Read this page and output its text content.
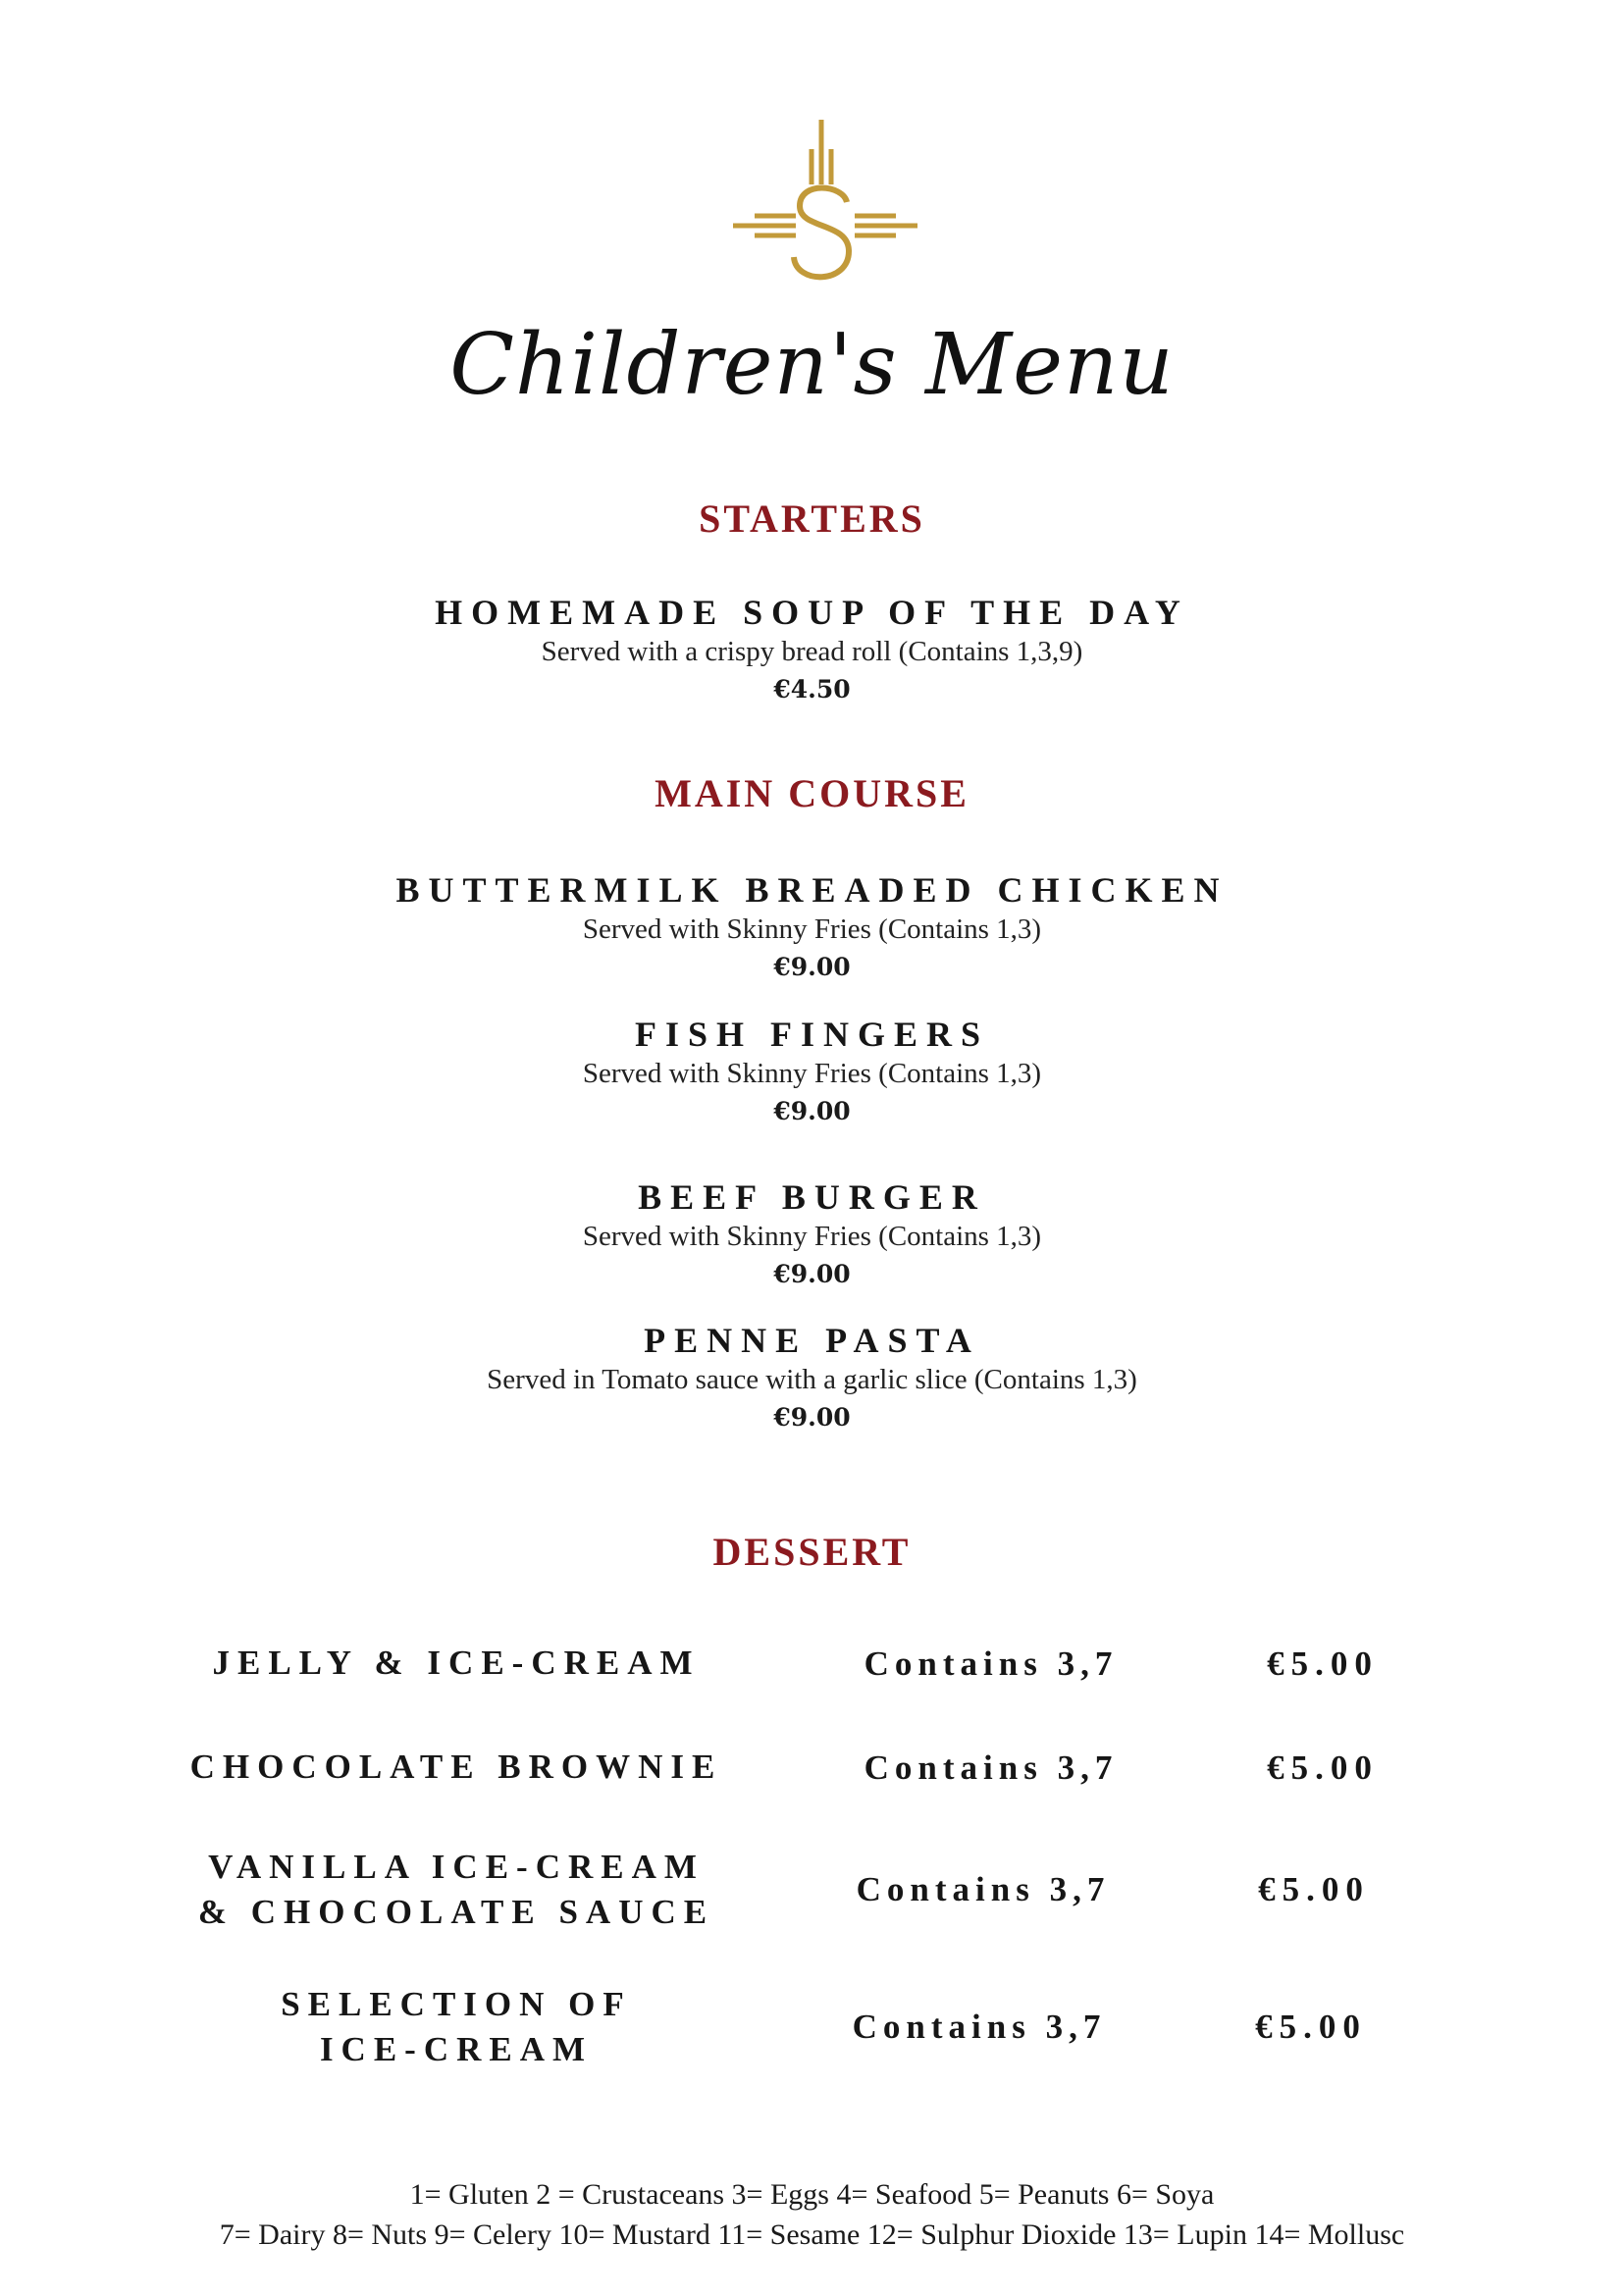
Children's Menu
STARTERS
HOMEMADE SOUP OF THE DAY
Served with a crispy bread roll (Contains 1,3,9)
€4.50
MAIN COURSE
BUTTERMILK BREADED CHICKEN
Served with Skinny Fries (Contains 1,3)
€9.00
FISH FINGERS
Served with Skinny Fries (Contains 1,3)
€9.00
BEEF BURGER
Served with Skinny Fries (Contains 1,3)
€9.00
PENNE PASTA
Served in Tomato sauce with a garlic slice (Contains 1,3)
€9.00
DESSERT
JELLY & ICE-CREAM	Contains 3,7	€5.00
CHOCOLATE BROWNIE	Contains 3,7	€5.00
VANILLA ICE-CREAM
& CHOCOLATE SAUCE
Contains 3,7	€5.00
SELECTION OF
ICE-CREAM
Contains 3,7	€5.00
1= Gluten 2 = Crustaceans 3= Eggs 4= Seafood 5= Peanuts 6= Soya
7= Dairy 8= Nuts 9= Celery 10= Mustard 11= Sesame 12= Sulphur Dioxide 13= Lupin 14= Mollusc
